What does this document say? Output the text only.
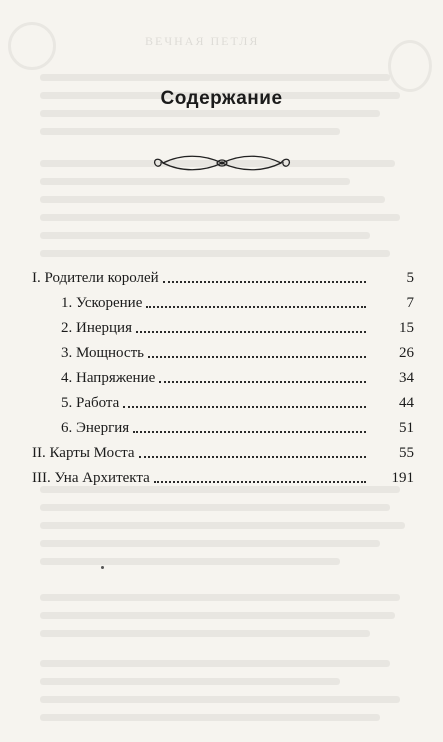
ВЕЧНАЯ ПЕТЛЯ
Содержание
I. Родители королей	5
1. Ускорение	7
2. Инерция	15
3. Мощность	26
4. Напряжение	34
5. Работа	44
6. Энергия	51
II. Карты Моста	55
III. Уна Архитекта	191
